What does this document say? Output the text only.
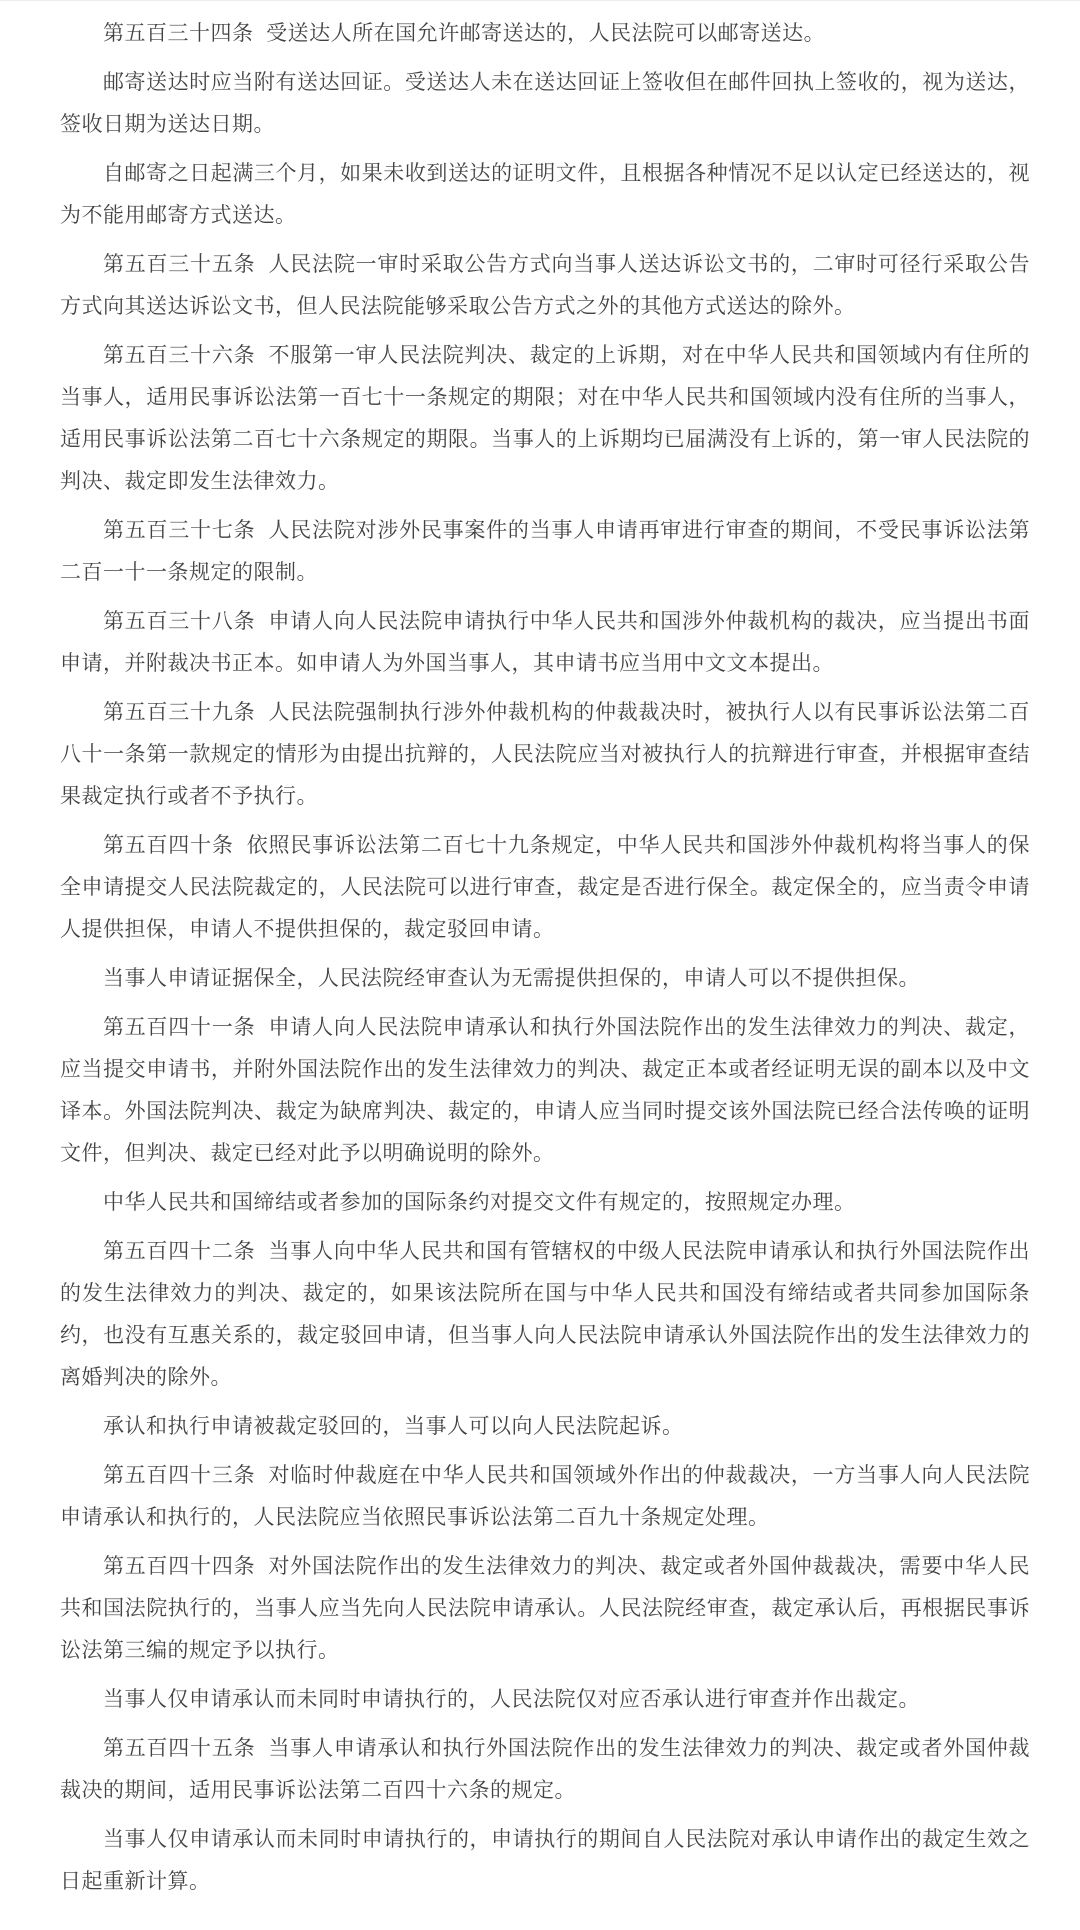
第五百三十四条  受送达人所在国允许邮寄送达的，人民法院可以邮寄送达。

邮寄送达时应当附有送达回证。受送达人未在送达回证上签收但在邮件回执上签收的，视为送达，签收日期为送达日期。

自邮寄之日起满三个月，如果未收到送达的证明文件，且根据各种情况不足以认定已经送达的，视为不能用邮寄方式送达。

第五百三十五条  人民法院一审时采取公告方式向当事人送达诉讼文书的，二审时可径行采取公告方式向其送达诉讼文书，但人民法院能够采取公告方式之外的其他方式送达的除外。

第五百三十六条  不服第一审人民法院判决、裁定的上诉期，对在中华人民共和国领域内有住所的当事人，适用民事诉讼法第一百七十一条规定的期限；对在中华人民共和国领域内没有住所的当事人，适用民事诉讼法第二百七十六条规定的期限。当事人的上诉期均已届满没有上诉的，第一审人民法院的判决、裁定即发生法律效力。

第五百三十七条  人民法院对涉外民事案件的当事人申请再审进行审查的期间，不受民事诉讼法第二百一十一条规定的限制。

第五百三十八条  申请人向人民法院申请执行中华人民共和国涉外仲裁机构的裁决，应当提出书面申请，并附裁决书正本。如申请人为外国当事人，其申请书应当用中文文本提出。

第五百三十九条  人民法院强制执行涉外仲裁机构的仲裁裁决时，被执行人以有民事诉讼法第二百八十一条第一款规定的情形为由提出抗辩的，人民法院应当对被执行人的抗辩进行审查，并根据审查结果裁定执行或者不予执行。

第五百四十条  依照民事诉讼法第二百七十九条规定，中华人民共和国涉外仲裁机构将当事人的保全申请提交人民法院裁定的，人民法院可以进行审查，裁定是否进行保全。裁定保全的，应当责令申请人提供担保，申请人不提供担保的，裁定驳回申请。

当事人申请证据保全，人民法院经审查认为无需提供担保的，申请人可以不提供担保。

第五百四十一条  申请人向人民法院申请承认和执行外国法院作出的发生法律效力的判决、裁定，应当提交申请书，并附外国法院作出的发生法律效力的判决、裁定正本或者经证明无误的副本以及中文译本。外国法院判决、裁定为缺席判决、裁定的，申请人应当同时提交该外国法院已经合法传唤的证明文件，但判决、裁定已经对此予以明确说明的除外。

中华人民共和国缔结或者参加的国际条约对提交文件有规定的，按照规定办理。

第五百四十二条  当事人向中华人民共和国有管辖权的中级人民法院申请承认和执行外国法院作出的发生法律效力的判决、裁定的，如果该法院所在国与中华人民共和国没有缔结或者共同参加国际条约，也没有互惠关系的，裁定驳回申请，但当事人向人民法院申请承认外国法院作出的发生法律效力的离婚判决的除外。

承认和执行申请被裁定驳回的，当事人可以向人民法院起诉。

第五百四十三条  对临时仲裁庭在中华人民共和国领域外作出的仲裁裁决，一方当事人向人民法院申请承认和执行的，人民法院应当依照民事诉讼法第二百九十条规定处理。

第五百四十四条  对外国法院作出的发生法律效力的判决、裁定或者外国仲裁裁决，需要中华人民共和国法院执行的，当事人应当先向人民法院申请承认。人民法院经审查，裁定承认后，再根据民事诉讼法第三编的规定予以执行。

当事人仅申请承认而未同时申请执行的，人民法院仅对应否承认进行审查并作出裁定。

第五百四十五条  当事人申请承认和执行外国法院作出的发生法律效力的判决、裁定或者外国仲裁裁决的期间，适用民事诉讼法第二百四十六条的规定。

当事人仅申请承认而未同时申请执行的，申请执行的期间自人民法院对承认申请作出的裁定生效之日起重新计算。
